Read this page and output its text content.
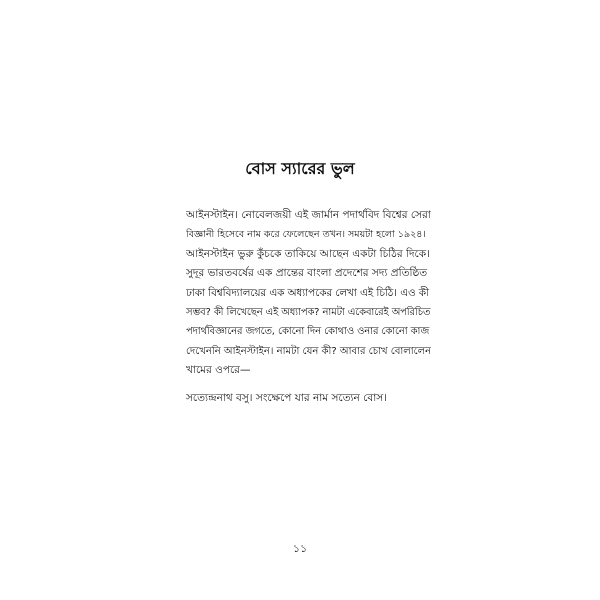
বোস স্যারের ভুল

আইনস্টাইন। নোবেলজয়ী এই জার্মান পদার্থবিদ বিশ্বের সেরা
বিজ্ঞানী হিসেবে নাম করে ফেলেছেন তখন। সময়টা হলো ১৯২৪।
আইনস্টাইন ভুরু কুঁচকে তাকিয়ে আছেন একটা চিঠির দিকে।
সুদূর ভারতবর্ষের এক প্রান্তের বাংলা প্রদেশের সদ্য প্রতিষ্ঠিত
ঢাকা বিশ্ববিদ্যালয়ের এক অধ্যাপকের লেখা এই চিঠি। এও কী
সম্ভব? কী লিখেছেন এই অধ্যাপক? নামটা একেবারেই অপরিচিত
পদার্থবিজ্ঞানের জগতে, কোনো দিন কোথাও ওনার কোনো কাজ
দেখেননি আইনস্টাইন। নামটা যেন কী? আবার চোখ বোলালেন
খামের ওপরে—

সত্যেন্দ্রনাথ বসু। সংক্ষেপে যার নাম সত্যেন বোস।

১১
